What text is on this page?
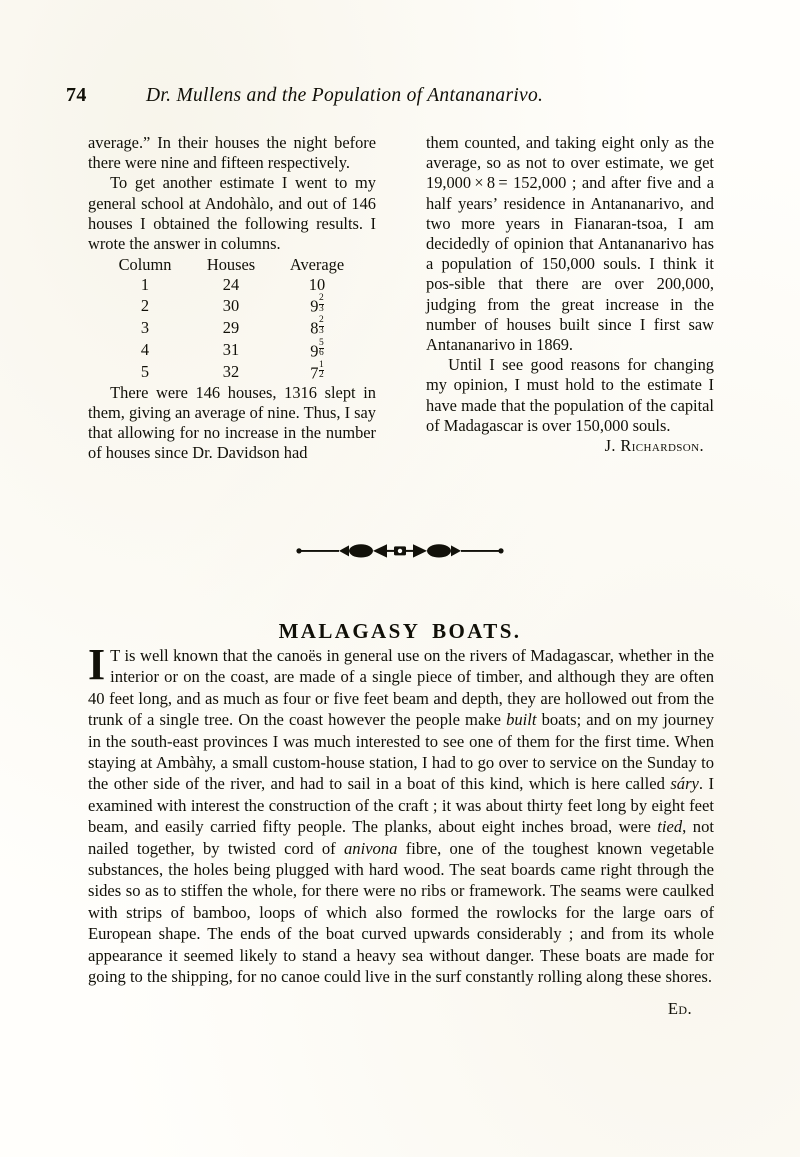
74	Dr. Mullens and the Population of Antananarivo.

average.” In their houses the night before there were nine and fifteen respectively.

To get another estimate I went to my general school at Andohàlo, and out of 146 houses I obtained the following results. I wrote the answer in columns.

Column	Houses	Average
1	24	10
2	30	$9 \frac{2}{3}$

3	29	$8 \frac{2}{3}$

4	31	$9 \frac{5}{6}$

5	32	$7 \frac{1}{2}$

There were 146 houses, 1316 slept in them, giving an average of nine. Thus, I say that allowing for no increase in the number of houses since Dr. Davidson had

them counted, and taking eight only as the average, so as not to over estimate, we get 19,000 × 8 = 152,000 ; and after five and a half years’ residence in Antananarivo, and two more years in Fianaran-tsoa, I am decidedly of opinion that Antananarivo has a population of 150,000 souls. I think it pos-sible that there are over 200,000, judging from the great increase in the number of houses built since I first saw Antananarivo in 1869.

Until I see good reasons for changing my opinion, I must hold to the estimate I have made that the population of the capital of Madagascar is over 150,000 souls.

J. Richardson.

MALAGASY BOATS.

I T is well known that the canoës in general use on the rivers of Madagascar, whether in the interior or on the coast, are made of a single piece of timber, and although they are often 40 feet long, and as much as four or five feet beam and depth, they are hollowed out from the trunk of a single tree. On the coast however the people make built boats; and on my journey in the south-east provinces I was much interested to see one of them for the first time. When staying at Ambàhy, a small custom-house station, I had to go over to service on the Sunday to the other side of the river, and had to sail in a boat of this kind, which is here called sáry. I examined with interest the construction of the craft ; it was about thirty feet long by eight feet beam, and easily carried fifty people. The planks, about eight inches broad, were tied, not nailed together, by twisted cord of anivona fibre, one of the toughest known vegetable substances, the holes being plugged with hard wood. The seat boards came right through the sides so as to stiffen the whole, for there were no ribs or framework. The seams were caulked with strips of bamboo, loops of which also formed the rowlocks for the large oars of European shape. The ends of the boat curved upwards considerably ; and from its whole appearance it seemed likely to stand a heavy sea without danger. These boats are made for going to the shipping, for no canoe could live in the surf constantly rolling along these shores.

Ed.
